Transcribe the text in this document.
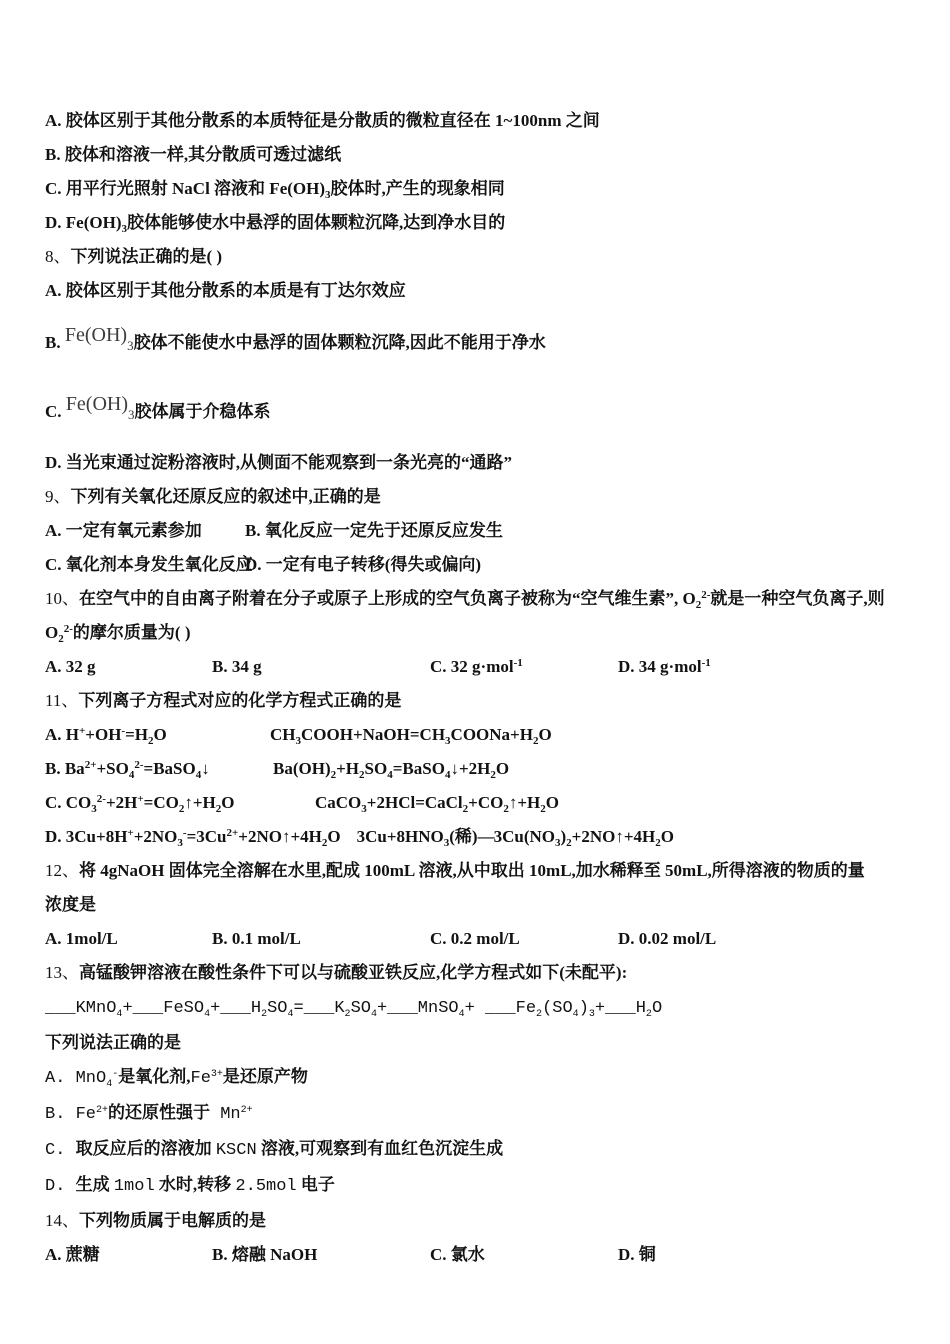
A. 胶体区别于其他分散系的本质特征是分散质的微粒直径在 1~100nm 之间
B. 胶体和溶液一样,其分散质可透过滤纸
C. 用平行光照射 NaCl 溶液和 $Fe(OH)_3$胶体时,产生的现象相同
D. $Fe(OH)_3$胶体能够使水中悬浮的固体颗粒沉降,达到净水目的
8、下列说法正确的是( )
A. 胶体区别于其他分散系的本质是有丁达尔效应
B. Fe(OH)3胶体不能使水中悬浮的固体颗粒沉降,因此不能用于净水
C. Fe(OH)3胶体属于介稳体系
D. 当光束通过淀粉溶液时,从侧面不能观察到一条光亮的“通路”
9、下列有关氧化还原反应的叙述中,正确的是
A. 一定有氧元素参加	B. 氧化反应一定先于还原反应发生
C. 氧化剂本身发生氧化反应D. 一定有电子转移(得失或偏向)
10、在空气中的自由离子附着在分子或原子上形成的空气负离子被称为“空气维生素”, $O_2^{2-}$就是一种空气负离子,则
$O_2^{2-}$的摩尔质量为( )
A. 32 g	B. 34 g	C. 32 g·mol$^{-1}$	D. 34 g·mol$^{-1}$
11、下列离子方程式对应的化学方程式正确的是
A. $H^++OH^-=H_2O$	$CH_3COOH+NaOH=CH_3COONa+H_2O$
B. $Ba^{2+}+SO_4^{2-}=BaSO_4↓$	$Ba(OH)_2+H_2SO_4=BaSO_4↓+2H_2O$
C. $CO_3^{2-}+2H^+=CO_2↑+H_2O$	$CaCO_3+2HCl=CaCl_2+CO_2↑+H_2O$
D. $3Cu+8H^++2NO_3^-=3Cu^{2+}+2NO↑+4H_2O$ $3Cu+8HNO_3$(稀)$—3Cu(NO_3)_2+2NO↑+4H_2O$
12、将 4gNaOH 固体完全溶解在水里,配成 100mL 溶液,从中取出 10mL,加水稀释至 50mL,所得溶液的物质的量
浓度是
A. 1mol/L	B. 0.1 mol/L	C. 0.2 mol/L	D. 0.02 mol/L
13、高锰酸钾溶液在酸性条件下可以与硫酸亚铁反应,化学方程式如下(未配平):
$\_\_\_KMnO_4+\_\_\_FeSO_4+\_\_\_H_2SO_4=\_\_\_K_2SO_4+\_\_\_MnSO_4+$ $\_\_\_Fe_2(SO_4)_3+\_\_\_H_2O$
下列说法正确的是
A. MnO$_4$-是氧化剂$,Fe^{3+}$是还原产物
B. $Fe^{2+}$的还原性强于 $Mn^{2+}$
C. 取反应后的溶液加 KSCN 溶液,可观察到有血红色沉淀生成
D. 生成 1mol 水时,转移 2.5mol 电子
14、下列物质属于电解质的是
A. 蔗糖	B. 熔融 NaOH	C. 氯水	D. 铜
